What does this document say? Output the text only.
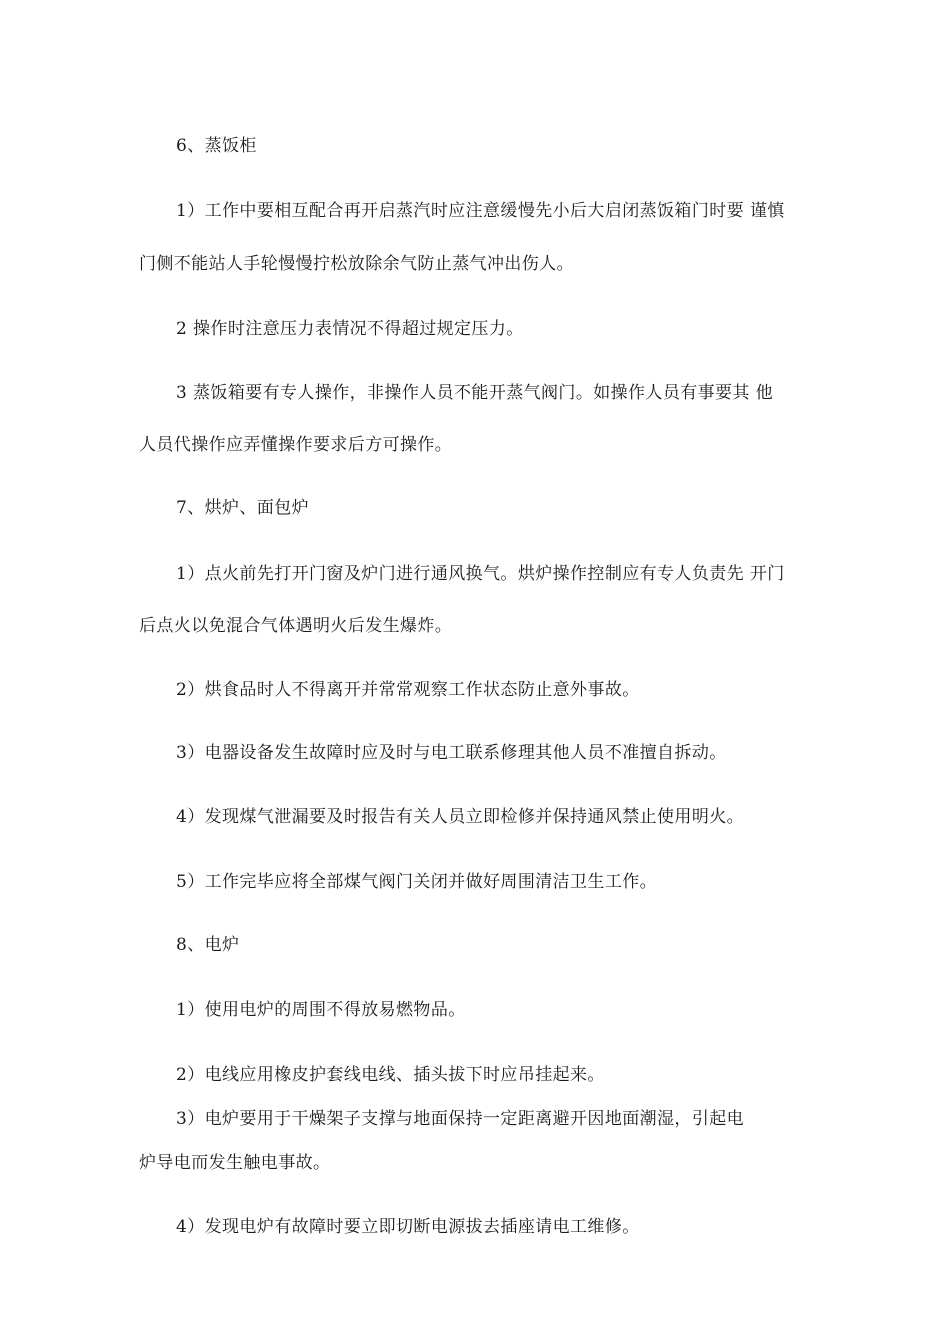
6、蒸饭柜
1）工作中要相互配合再开启蒸汽时应注意缓慢先小后大启闭蒸饭箱门时要 谨慎
门侧不能站人手轮慢慢拧松放除余气防止蒸气冲出伤人。
2 操作时注意压力表情况不得超过规定压力。
3 蒸饭箱要有专人操作，非操作人员不能开蒸气阀门。如操作人员有事要其 他
人员代操作应弄懂操作要求后方可操作。
7、烘炉、面包炉
1）点火前先打开门窗及炉门进行通风换气。烘炉操作控制应有专人负责先 开门
后点火以免混合气体遇明火后发生爆炸。
2）烘食品时人不得离开并常常观察工作状态防止意外事故。
3）电器设备发生故障时应及时与电工联系修理其他人员不准擅自拆动。
4）发现煤气泄漏要及时报告有关人员立即检修并保持通风禁止使用明火。
5）工作完毕应将全部煤气阀门关闭并做好周围清洁卫生工作。
8、电炉
1）使用电炉的周围不得放易燃物品。
2）电线应用橡皮护套线电线、插头拔下时应吊挂起来。
3）电炉要用于干燥架子支撑与地面保持一定距离避开因地面潮湿，引起电
炉导电而发生触电事故。
4）发现电炉有故障时要立即切断电源拔去插座请电工维修。
